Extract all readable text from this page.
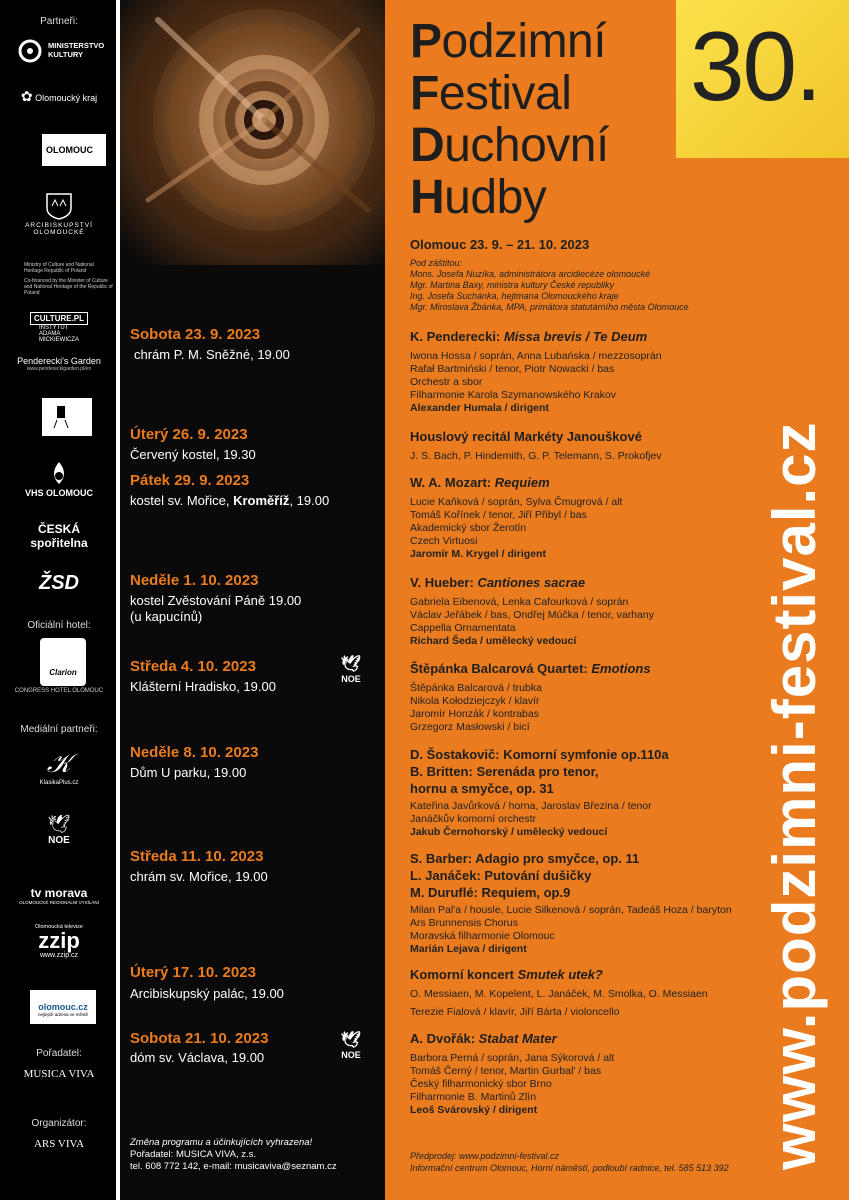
Partneři:
MINISTERSTVO KULTURY
✿ Olomoucký kraj
OLOMOUC
ARCIBISKUPSTVÍ OLOMOUCKÉ
Ministry of Culture and National Heritage Republic of Poland
Co-financed by the Minister of Culture and National Heritage of the Republic of Poland
CULTURE.PL INSTYTUT ADAMA MICKIEWICZA
Penderecki's Garden
www.pendereckigarden.pl/en
VHS OLOMOUC
ČESKÁ spořitelna
ŽSD
Oficiální hotel:
Clarion
CONGRESS HOTEL OLOMOUC
Mediální partneři:
𝒦
KlasikaPlus.cz
🕊
NOE
tv morava
OLOMOUCKÉ REGIONÁLNÍ VYSÍLÁNÍ
Olomoucká televize
zzip
www.zzip.cz
olomouc.cz
nejlepší adresa ve městě
Pořadatel:
MUSICA VIVA
Organizátor:
ARS VIVA
30.
Podzimní
Festival
Duchovní
Hudby
Olomouc 23. 9. – 21. 10. 2023
Pod záštitou:
Mons. Josefa Nuzíka, administrátora arcidiecéze olomoucké
Mgr. Martina Baxy, ministra kultury České republiky
Ing. Josefa Suchánka, hejtmana Olomouckého kraje
Mgr. Miroslava Žbánka, MPA, primátora statutárního města Olomouce
Sobota 23. 9. 2023
chrám P. M. Sněžné, 19.00
K. Penderecki: Missa brevis / Te Deum
Iwona Hossa / soprán, Anna Lubańska / mezzosoprán
Rafał Bartmiński / tenor, Piotr Nowacki / bas
Orchestr a sbor
Filharmonie Karola Szymanowského Krakov
Alexander Humala / dirigent
Úterý 26. 9. 2023
Červený kostel, 19.30
Houslový recitál Markéty Janouškové
J. S. Bach, P. Hindemith, G. P. Telemann, S. Prokofjev
Pátek 29. 9. 2023
kostel sv. Mořice, Kroměříž, 19.00
W. A. Mozart: Requiem
Lucie Kaňková / soprán, Sylva Čmugrová / alt
Tomáš Kořínek / tenor, Jiří Přibyl / bas
Akademický sbor Žerotín
Czech Virtuosi
Jaromír M. Krygel / dirigent
Neděle 1. 10. 2023
kostel Zvěstování Páně 19.00
(u kapucínů)
V. Hueber: Cantiones sacrae
Gabriela Eibenová, Lenka Cafourková / soprán
Václav Jeřábek / bas, Ondřej Múčka / tenor, varhany
Cappella Ornamentata
Richard Šeda / umělecký vedoucí
Středa 4. 10. 2023
Klášterní Hradisko, 19.00
🕊
NOE
Štěpánka Balcarová Quartet: Emotions
Štěpánka Balcarová / trubka
Nikola Kołodziejczyk / klavír
Jaromír Honzák / kontrabas
Grzegorz Masłowski / bicí
Neděle 8. 10. 2023
Dům U parku, 19.00
D. Šostakovič: Komorní symfonie op.110a
B. Britten: Serenáda pro tenor,
hornu a smyčce, op. 31
Kateřina Javůrková / horna, Jaroslav Březina / tenor
Janáčkův komorní orchestr
Jakub Černohorský / umělecký vedoucí
Středa 11. 10. 2023
chrám sv. Mořice, 19.00
S. Barber: Adagio pro smyčce, op. 11
L. Janáček: Putování dušičky
M. Duruflé: Requiem, op.9
Milan Pal'a / housle, Lucie Silkenová / soprán, Tadeáš Hoza / baryton
Ars Brunnensis Chorus
Moravská filharmonie Olomouc
Marián Lejava / dirigent
Úterý 17. 10. 2023
Arcibiskupský palác, 19.00
Komorní koncert Smutek utek?
O. Messiaen, M. Kopelent, L. Janáček, M. Smolka, O. Messiaen
Terezie Fialová / klavír, Jiří Bárta / violoncello
Sobota 21. 10. 2023
dóm sv. Václava, 19.00
🕊
NOE
A. Dvořák: Stabat Mater
Barbora Perná / soprán, Jana Sýkorová / alt
Tomáš Černý / tenor, Martin Gurbal' / bas
Český filharmonický sbor Brno
Filharmonie B. Martinů Zlín
Leoš Svárovský / dirigent	www.podzimni-festival.cz
Změna programu a účinkujících vyhrazena!
Pořadatel: MUSICA VIVA, z.s.
tel. 608 772 142, e-mail: musicaviva@seznam.cz
Předprodej: www.podzimni-festival.cz
Informační centrum Olomouc, Horní náměstí, podloubí radnice, tel. 585 513 392
